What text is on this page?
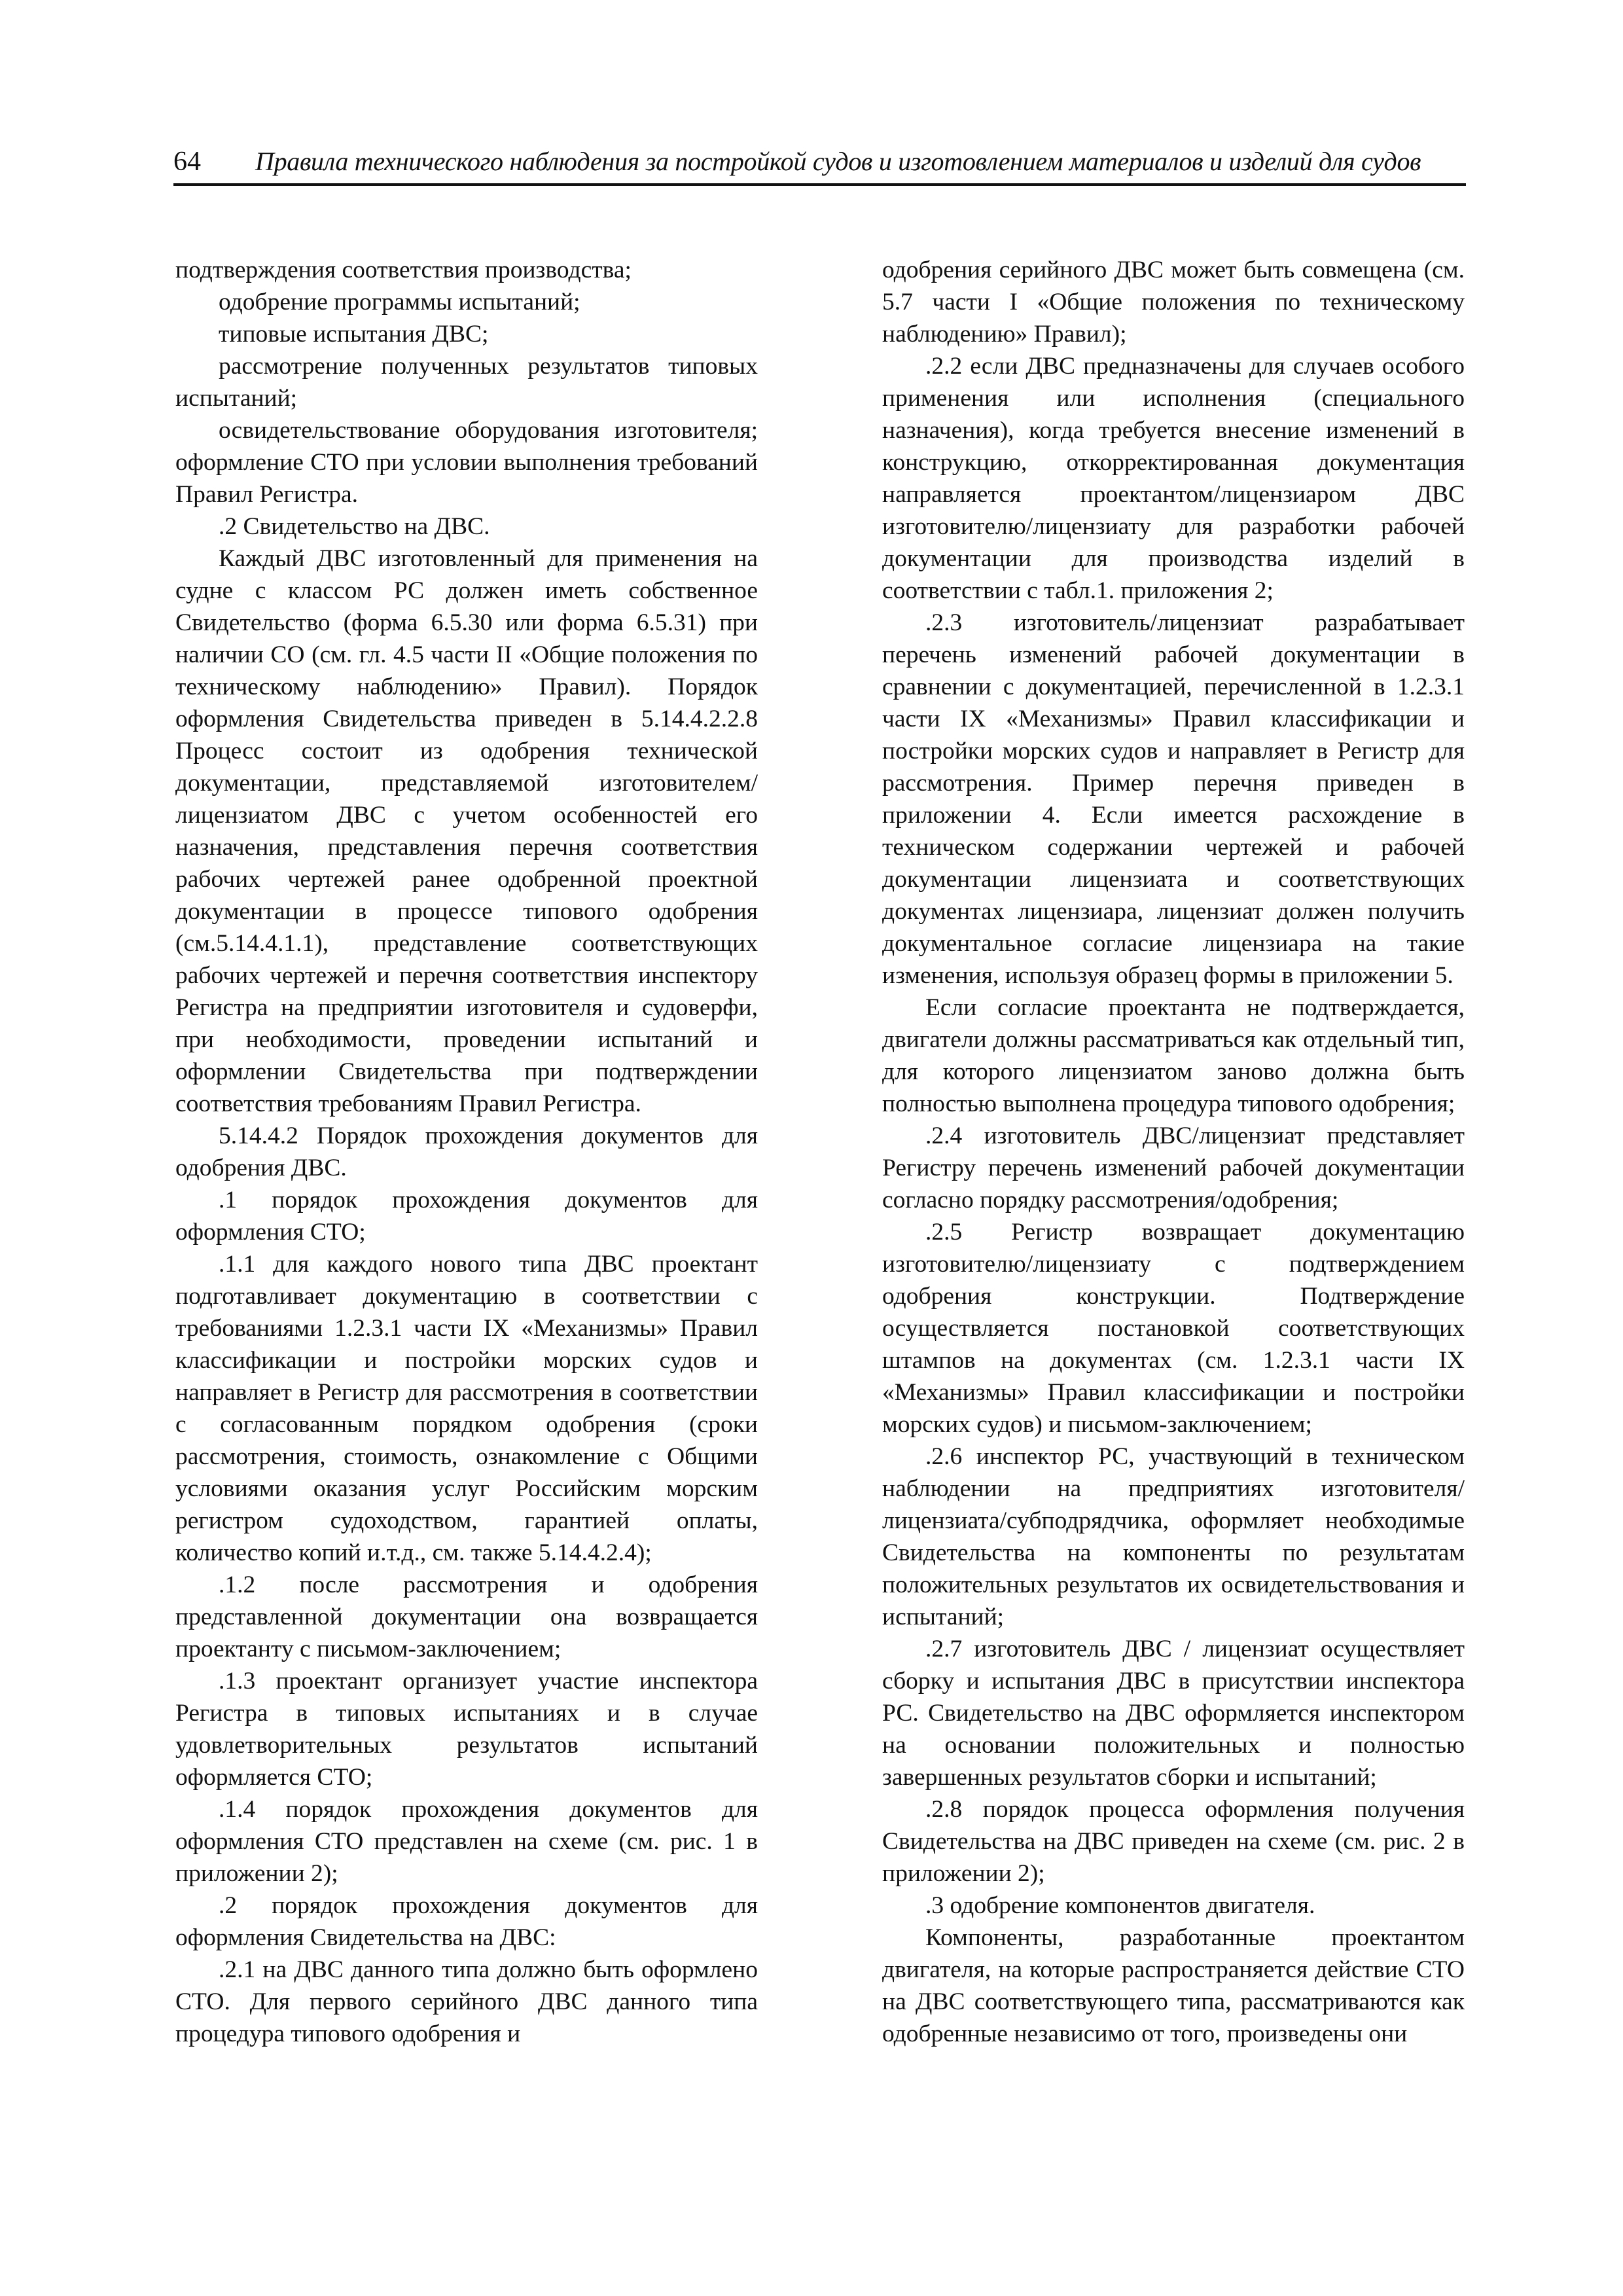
64 Правила технического наблюдения за постройкой судов и изготовлением материалов и изделий для судов

подтверждения соответствия производства;

одобрение программы испытаний;

типовые испытания ДВС;

рассмотрение полученных результатов типовых испытаний;

освидетельствование оборудования изготовителя; оформление СТО при условии выполнения требований Правил Регистра.

.2 Свидетельство на ДВС.

Каждый ДВС изготовленный для применения на судне с классом РС должен иметь собственное Свидетельство (форма 6.5.30 или форма 6.5.31) при наличии СО (см. гл. 4.5 части II «Общие положения по техническому наблюдению» Правил). Порядок оформления Свидетельства приведен в 5.14.4.2.2.8 Процесс состоит из одобрения технической документации, представляемой изготовителем/лицензиатом ДВС с учетом особенностей его назначения, представления перечня соответствия рабочих чертежей ранее одобренной проектной документации в процессе типового одобрения (см.5.14.4.1.1), представление соответствующих рабочих чертежей и перечня соответствия инспектору Регистра на предприятии изготовителя и судоверфи, при необходимости, проведении испытаний и оформлении Свидетельства при подтверждении соответствия требованиям Правил Регистра.

5.14.4.2 Порядок прохождения документов для одобрения ДВС.

.1 порядок прохождения документов для оформления СТО;

.1.1 для каждого нового типа ДВС проектант подготавливает документацию в соответствии с требованиями 1.2.3.1 части IX «Механизмы» Правил классификации и постройки морских судов и направляет в Регистр для рассмотрения в соответствии с согласованным порядком одобрения (сроки рассмотрения, стоимость, ознакомление с Общими условиями оказания услуг Российским морским регистром судоходством, гарантией оплаты, количество копий и.т.д., см. также 5.14.4.2.4);

.1.2 после рассмотрения и одобрения представленной документации она возвращается проектанту с письмом-заключением;

.1.3 проектант организует участие инспектора Регистра в типовых испытаниях и в случае удовлетворительных результатов испытаний оформляется СТО;

.1.4 порядок прохождения документов для оформления СТО представлен на схеме (см. рис. 1 в приложении 2);

.2 порядок прохождения документов для оформления Свидетельства на ДВС:

.2.1 на ДВС данного типа должно быть оформлено СТО. Для первого серийного ДВС данного типа процедура типового одобрения и

одобрения серийного ДВС может быть совмещена (см. 5.7 части I «Общие положения по техническому наблюдению» Правил);

.2.2 если ДВС предназначены для случаев особого применения или исполнения (специального назначения), когда требуется внесение изменений в конструкцию, откорректированная документация направляется проектантом/лицензиаром ДВС изготовителю/лицензиату для разработки рабочей документации для производства изделий в соответствии с табл.1. приложения 2;

.2.3 изготовитель/лицензиат разрабатывает перечень изменений рабочей документации в сравнении с документацией, перечисленной в 1.2.3.1 части IX «Механизмы» Правил классификации и постройки морских судов и направляет в Регистр для рассмотрения. Пример перечня приведен в приложении 4. Если имеется расхождение в техническом содержании чертежей и рабочей документации лицензиата и соответствующих документах лицензиара, лицензиат должен получить документальное согласие лицензиара на такие изменения, используя образец формы в приложении 5.

Если согласие проектанта не подтверждается, двигатели должны рассматриваться как отдельный тип, для которого лицензиатом заново должна быть полностью выполнена процедура типового одобрения;

.2.4 изготовитель ДВС/лицензиат представляет Регистру перечень изменений рабочей документации согласно порядку рассмотрения/одобрения;

.2.5 Регистр возвращает документацию изготовителю/лицензиату с подтверждением одобрения конструкции. Подтверждение осуществляется постановкой соответствующих штампов на документах (см. 1.2.3.1 части IX «Механизмы» Правил классификации и постройки морских судов) и письмом-заключением;

.2.6 инспектор РС, участвующий в техническом наблюдении на предприятиях изготовителя/лицензиата/субподрядчика, оформляет необходимые Свидетельства на компоненты по результатам положительных результатов их освидетельствования и испытаний;

.2.7 изготовитель ДВС / лицензиат осуществляет сборку и испытания ДВС в присутствии инспектора РС. Свидетельство на ДВС оформляется инспектором на основании положительных и полностью завершенных результатов сборки и испытаний;

.2.8 порядок процесса оформления получения Свидетельства на ДВС приведен на схеме (см. рис. 2 в приложении 2);

.3 одобрение компонентов двигателя.

Компоненты, разработанные проектантом двигателя, на которые распространяется действие СТО на ДВС соответствующего типа, рассматриваются как одобренные независимо от того, произведены они
